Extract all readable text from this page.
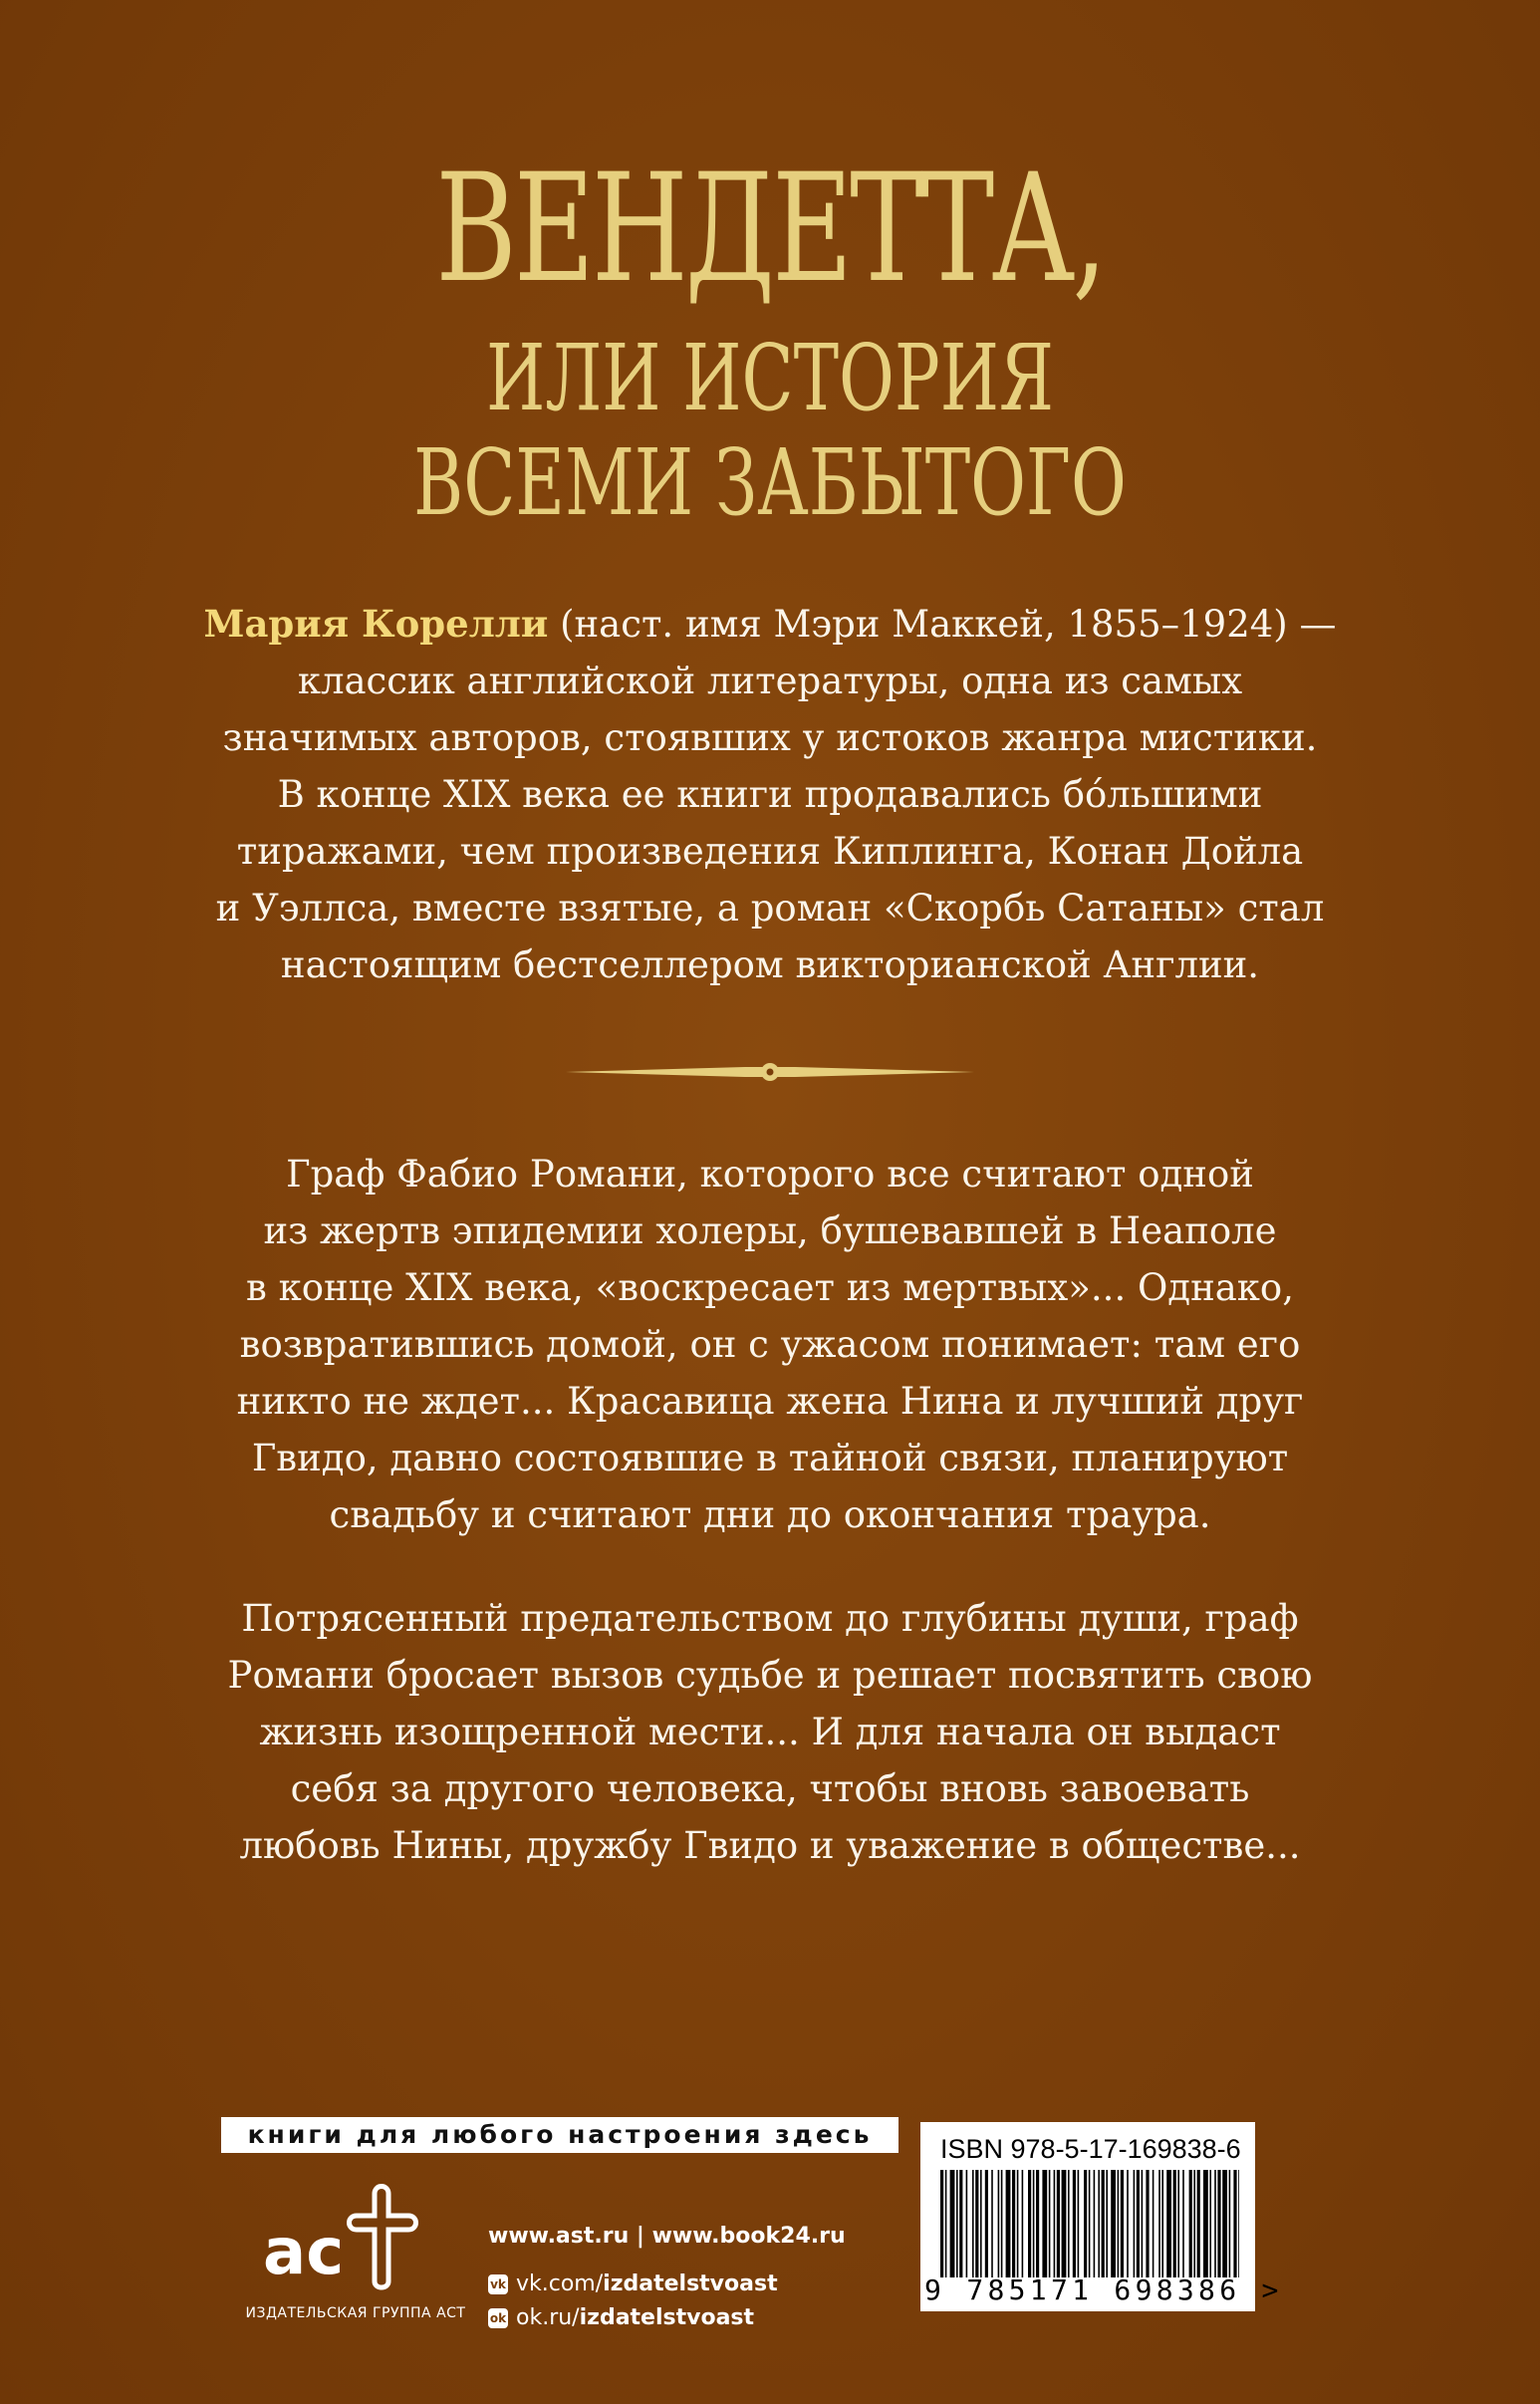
ВЕНДЕТТА,
ИЛИ ИСТОРИЯ
ВСЕМИ ЗАБЫТОГО
Мария Корелли (наст. имя Мэри Маккей, 1855–1924) —
классик английской литературы, одна из самых
значимых авторов, стоявших у истоков жанра мистики.
В конце XIX века ее книги продавались бо́льшими
тиражами, чем произведения Киплинга, Конан Дойла
и Уэллса, вместе взятые, а роман «Скорбь Сатаны» стал
настоящим бестселлером викторианской Англии.
Граф Фабио Романи, которого все считают одной
из жертв эпидемии холеры, бушевавшей в Неаполе
в конце XIX века, «воскресает из мертвых»... Однако,
возвратившись домой, он с ужасом понимает: там его
никто не ждет... Красавица жена Нина и лучший друг
Гвидо, давно состоявшие в тайной связи, планируют
свадьбу и считают дни до окончания траура.
Потрясенный предательством до глубины души, граф
Романи бросает вызов судьбе и решает посвятить свою
жизнь изощренной мести... И для начала он выдаст
себя за другого человека, чтобы вновь завоевать
любовь Нины, дружбу Гвидо и уважение в обществе...
книги для любого настроения здесь
ac
ИЗДАТЕЛЬСКАЯ ГРУППА АСТ
www.ast.ru | www.book24.ru
vk vk.com/ izdatelstvoast
ok ok.ru/ izdatelstvoast
ISBN 978-5-17-169838-6
9 785171 698386 >
